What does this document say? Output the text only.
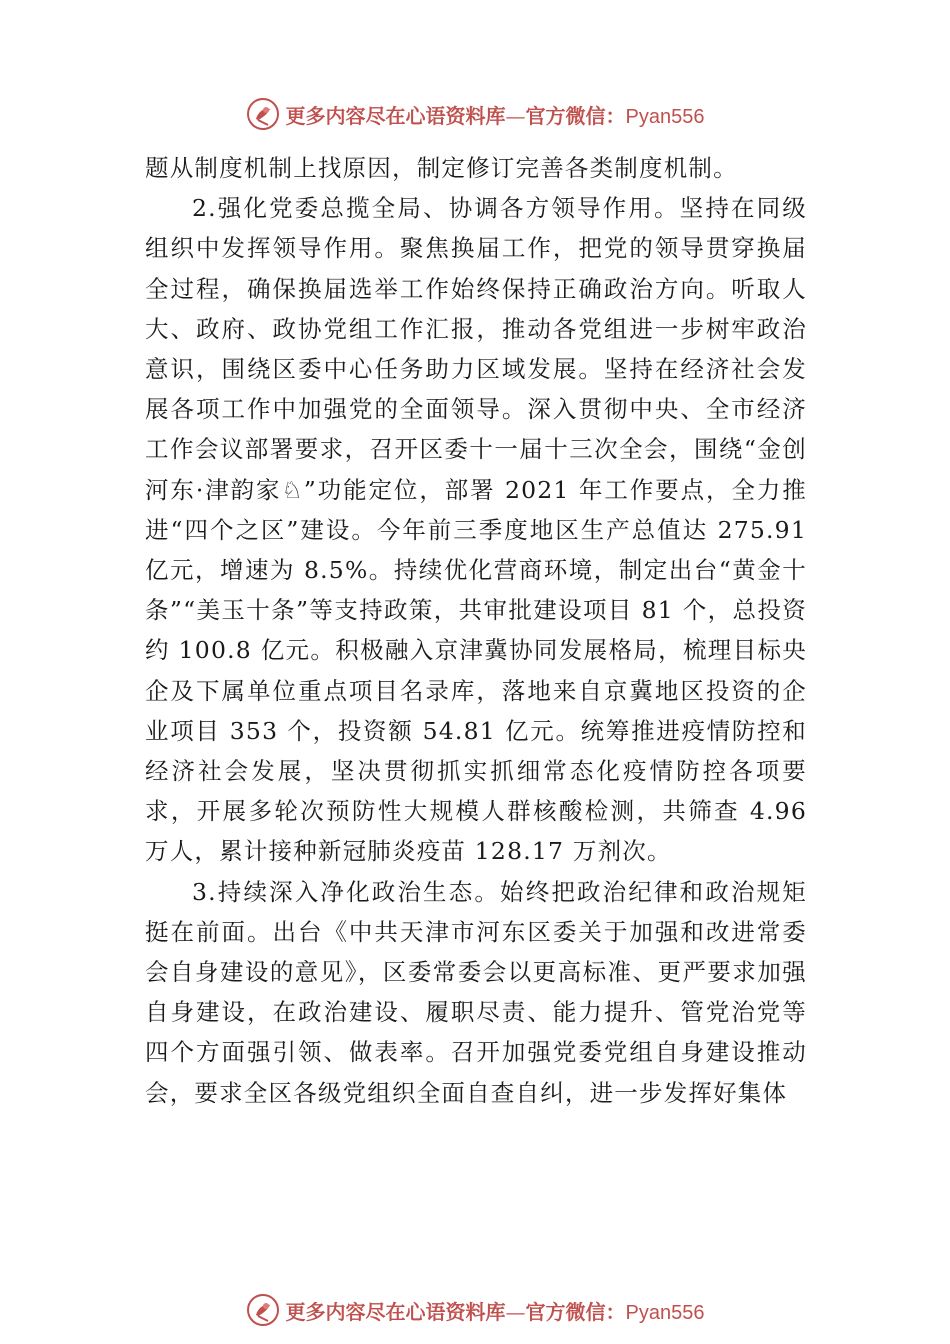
更多内容尽在心语资料库—官方微信：Pyan556

题从制度机制上找原因，制定修订完善各类制度机制。

2.强化党委总揽全局、协调各方领导作用。坚持在同级组织中发挥领导作用。聚焦换届工作，把党的领导贯穿换届全过程，确保换届选举工作始终保持正确政治方向。听取人大、政府、政协党组工作汇报，推动各党组进一步树牢政治意识，围绕区委中心任务助力区域发展。坚持在经济社会发展各项工作中加强党的全面领导。深入贯彻中央、全市经济工作会议部署要求，召开区委十一届十三次全会，围绕“金创河东·津韵家♘”功能定位，部署 2021 年工作要点，全力推进“四个之区”建设。今年前三季度地区生产总值达 275.91 亿元，增速为 8.5%。持续优化营商环境，制定出台“黄金十条”“美玉十条”等支持政策，共审批建设项目 81 个，总投资约 100.8 亿元。积极融入京津冀协同发展格局，梳理目标央企及下属单位重点项目名录库，落地来自京冀地区投资的企业项目 353 个，投资额 54.81 亿元。统筹推进疫情防控和经济社会发展，坚决贯彻抓实抓细常态化疫情防控各项要求，开展多轮次预防性大规模人群核酸检测，共筛查 4.96 万人，累计接种新冠肺炎疫苗 128.17 万剂次。

3.持续深入净化政治生态。始终把政治纪律和政治规矩挺在前面。出台《中共天津市河东区委关于加强和改进常委会自身建设的意见》，区委常委会以更高标准、更严要求加强自身建设，在政治建设、履职尽责、能力提升、管党治党等四个方面强引领、做表率。召开加强党委党组自身建设推动会，要求全区各级党组织全面自查自纠，进一步发挥好集体

更多内容尽在心语资料库—官方微信：Pyan556
